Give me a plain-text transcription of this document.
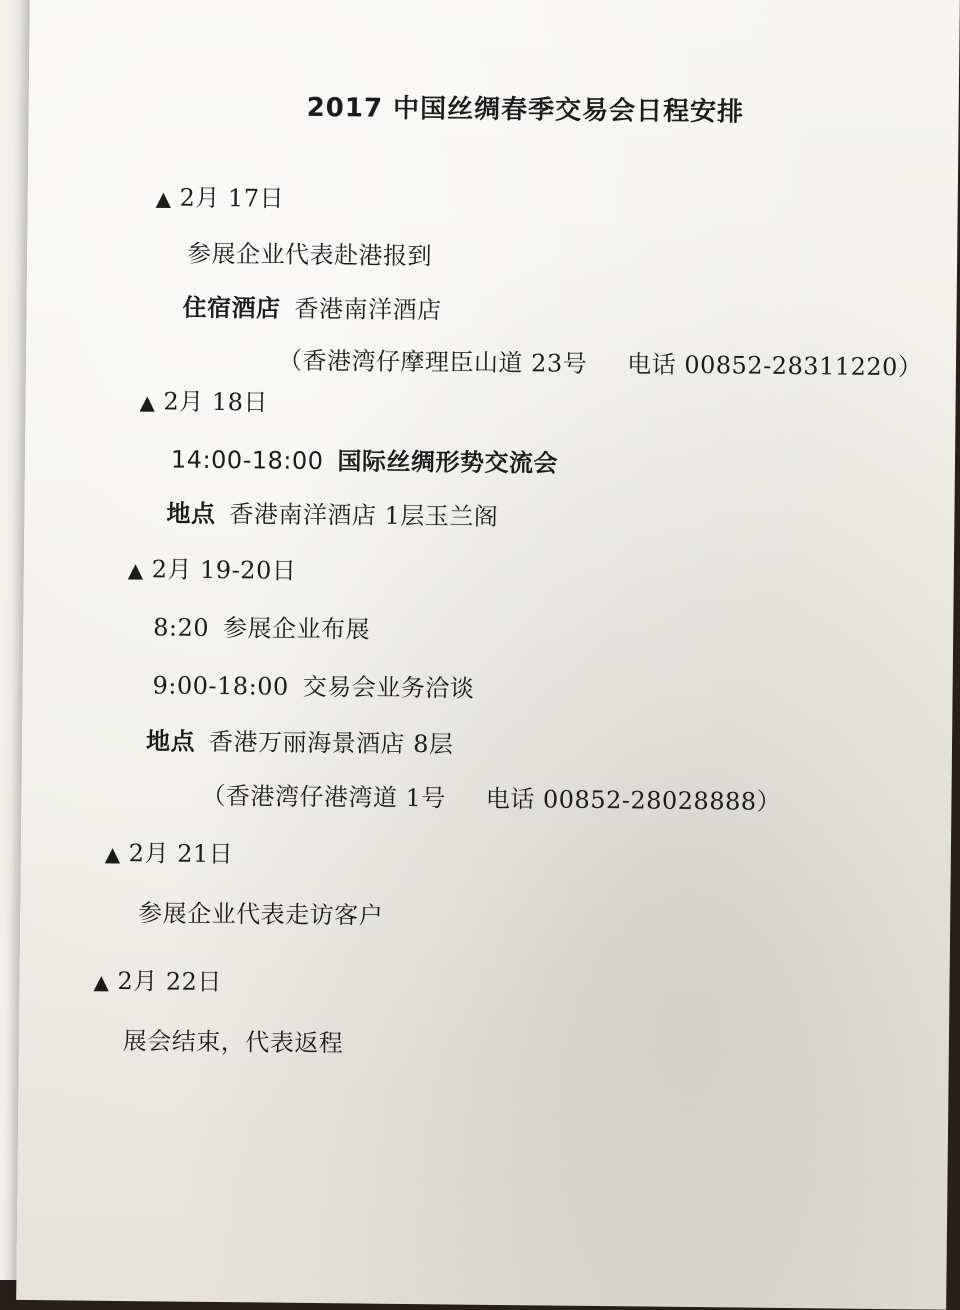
2017 中国丝绸春季交易会日程安排
▲ 2月 17日
参展企业代表赴港报到
住宿酒店 香港南洋酒店
（香港湾仔摩理臣山道 23号 电话 00852-28311220）
▲ 2月 18日
14:00-18:00 国际丝绸形势交流会
地点 香港南洋酒店 1层玉兰阁
▲ 2月 19-20日
8:20 参展企业布展
9:00-18:00 交易会业务洽谈
地点 香港万丽海景酒店 8层
（香港湾仔港湾道 1号 电话 00852-28028888）
▲ 2月 21日
参展企业代表走访客户
▲ 2月 22日
展会结束，代表返程
